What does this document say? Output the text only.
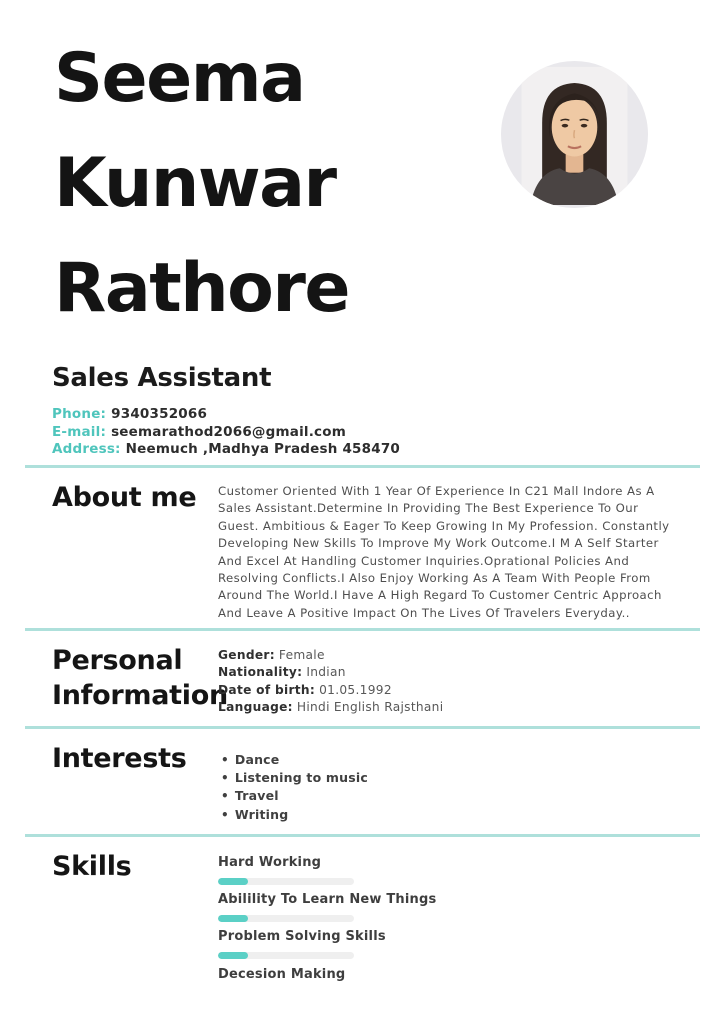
Seema
Kunwar
Rathore
Sales Assistant
Phone: 9340352066
E-mail: seemarathod2066@gmail.com
Address: Neemuch ,Madhya Pradesh 458470
About me Customer Oriented With 1 Year Of Experience In C21 Mall Indore As A Sales Assistant.Determine In Providing The Best Experience To Our Guest. Ambitious & Eager To Keep Growing In My Profession. Constantly Developing New Skills To Improve My Work Outcome.I M A Self Starter And Excel At Handling Customer Inquiries.Oprational Policies And Resolving Conflicts.I Also Enjoy Working As A Team With People From Around The World.I Have A High Regard To Customer Centric Approach And Leave A Positive Impact On The Lives Of Travelers Everyday..
Personal Information
Gender: Female
Nationality: Indian
Date of birth: 01.05.1992
Language: Hindi English Rajsthani
Interests	• Dance
• Listening to music
• Travel
• Writing
Skills	Hard Working
Abilility To Learn New Things
Problem Solving Skills
Decesion Making
